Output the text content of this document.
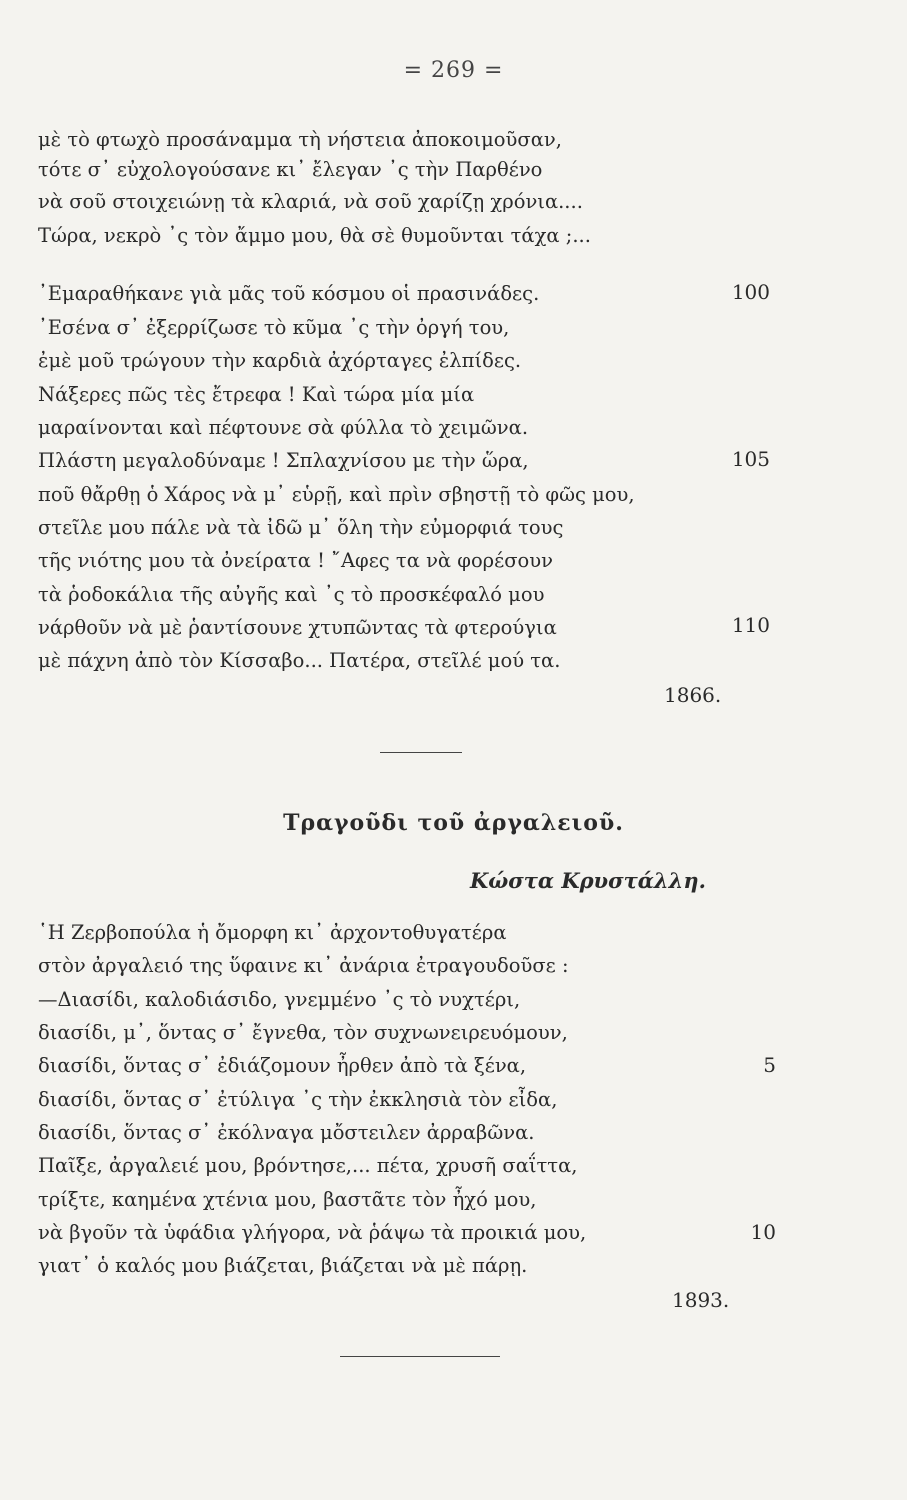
= 269 =
μὲ τὸ φτωχὸ προσάναμμα τὴ νήστεια ἀποκοιμοῦσαν,
τότε σ᾽ εὐχολογούσανε κι᾽ ἔλεγαν ᾽ς τὴν Παρθένο
νὰ σοῦ στοιχειώνῃ τὰ κλαριά, νὰ σοῦ χαρίζῃ χρόνια....
Τώρα, νεκρὸ ᾽ς τὸν ἄμμο μου, θὰ σὲ θυμοῦνται τάχα ;...
᾽Εμαραθήκανε γιὰ μᾶς τοῦ κόσμου οἱ πρασινάδες.	100
᾽Εσένα σ᾽ ἐξερρίζωσε τὸ κῦμα ᾽ς τὴν ὀργή του,
ἐμὲ μοῦ τρώγουν τὴν καρδιὰ ἀχόρταγες ἐλπίδες.
Νάξερες πῶς τὲς ἔτρεφα ! Καὶ τώρα μία μία
μαραίνονται καὶ πέφτουνε σὰ φύλλα τὸ χειμῶνα.
Πλάστη μεγαλοδύναμε ! Σπλαχνίσου με τὴν ὥρα,	105
ποῦ θἄρθῃ ὁ Χάρος νὰ μ᾽ εὑρῇ, καὶ πρὶν σβηστῇ τὸ φῶς μου,
στεῖλε μου πάλε νὰ τὰ ἰδῶ μ᾽ ὅλη τὴν εὐμορφιά τους
τῆς νιότης μου τὰ ὀνείρατα ! ῎Αφες τα νὰ φορέσουν
τὰ ῥοδοκάλια τῆς αὐγῆς καὶ ᾽ς τὸ προσκέφαλό μου
νάρθοῦν νὰ μὲ ῥαντίσουνε χτυπῶντας τὰ φτερούγια	110
μὲ πάχνη ἀπὸ τὸν Κίσσαβο... Πατέρα, στεῖλέ μού τα.
1866.
Τραγοῦδι τοῦ ἀργαλειοῦ.
Κώστα Κρυστάλλη.
῾Η Ζερβοπούλα ἡ ὄμορφη κι᾽ ἀρχοντοθυγατέρα
στὸν ἀργαλειό της ὕφαινε κι᾽ ἀνάρια ἐτραγουδοῦσε :
—Διασίδι, καλοδιάσιδο, γνεμμένο ᾽ς τὸ νυχτέρι,
διασίδι, μ᾽, ὅντας σ᾽ ἔγνεθα, τὸν συχνωνειρευόμουν,
διασίδι, ὅντας σ᾽ ἐδιάζομουν ἦρθεν ἀπὸ τὰ ξένα,	5
διασίδι, ὅντας σ᾽ ἐτύλιγα ᾽ς τὴν ἐκκλησιὰ τὸν εἶδα,
διασίδι, ὅντας σ᾽ ἐκόλναγα μὄστειλεν ἀρραβῶνα.
Παῖξε, ἀργαλειέ μου, βρόντησε,... πέτα, χρυσῆ σαΐττα,
τρίξτε, καημένα χτένια μου, βαστᾶτε τὸν ἦχό μου,
νὰ βγοῦν τὰ ὑφάδια γλήγορα, νὰ ῥάψω τὰ προικιά μου,	10
γιατ᾽ ὁ καλός μου βιάζεται, βιάζεται νὰ μὲ πάρῃ.
1893.
